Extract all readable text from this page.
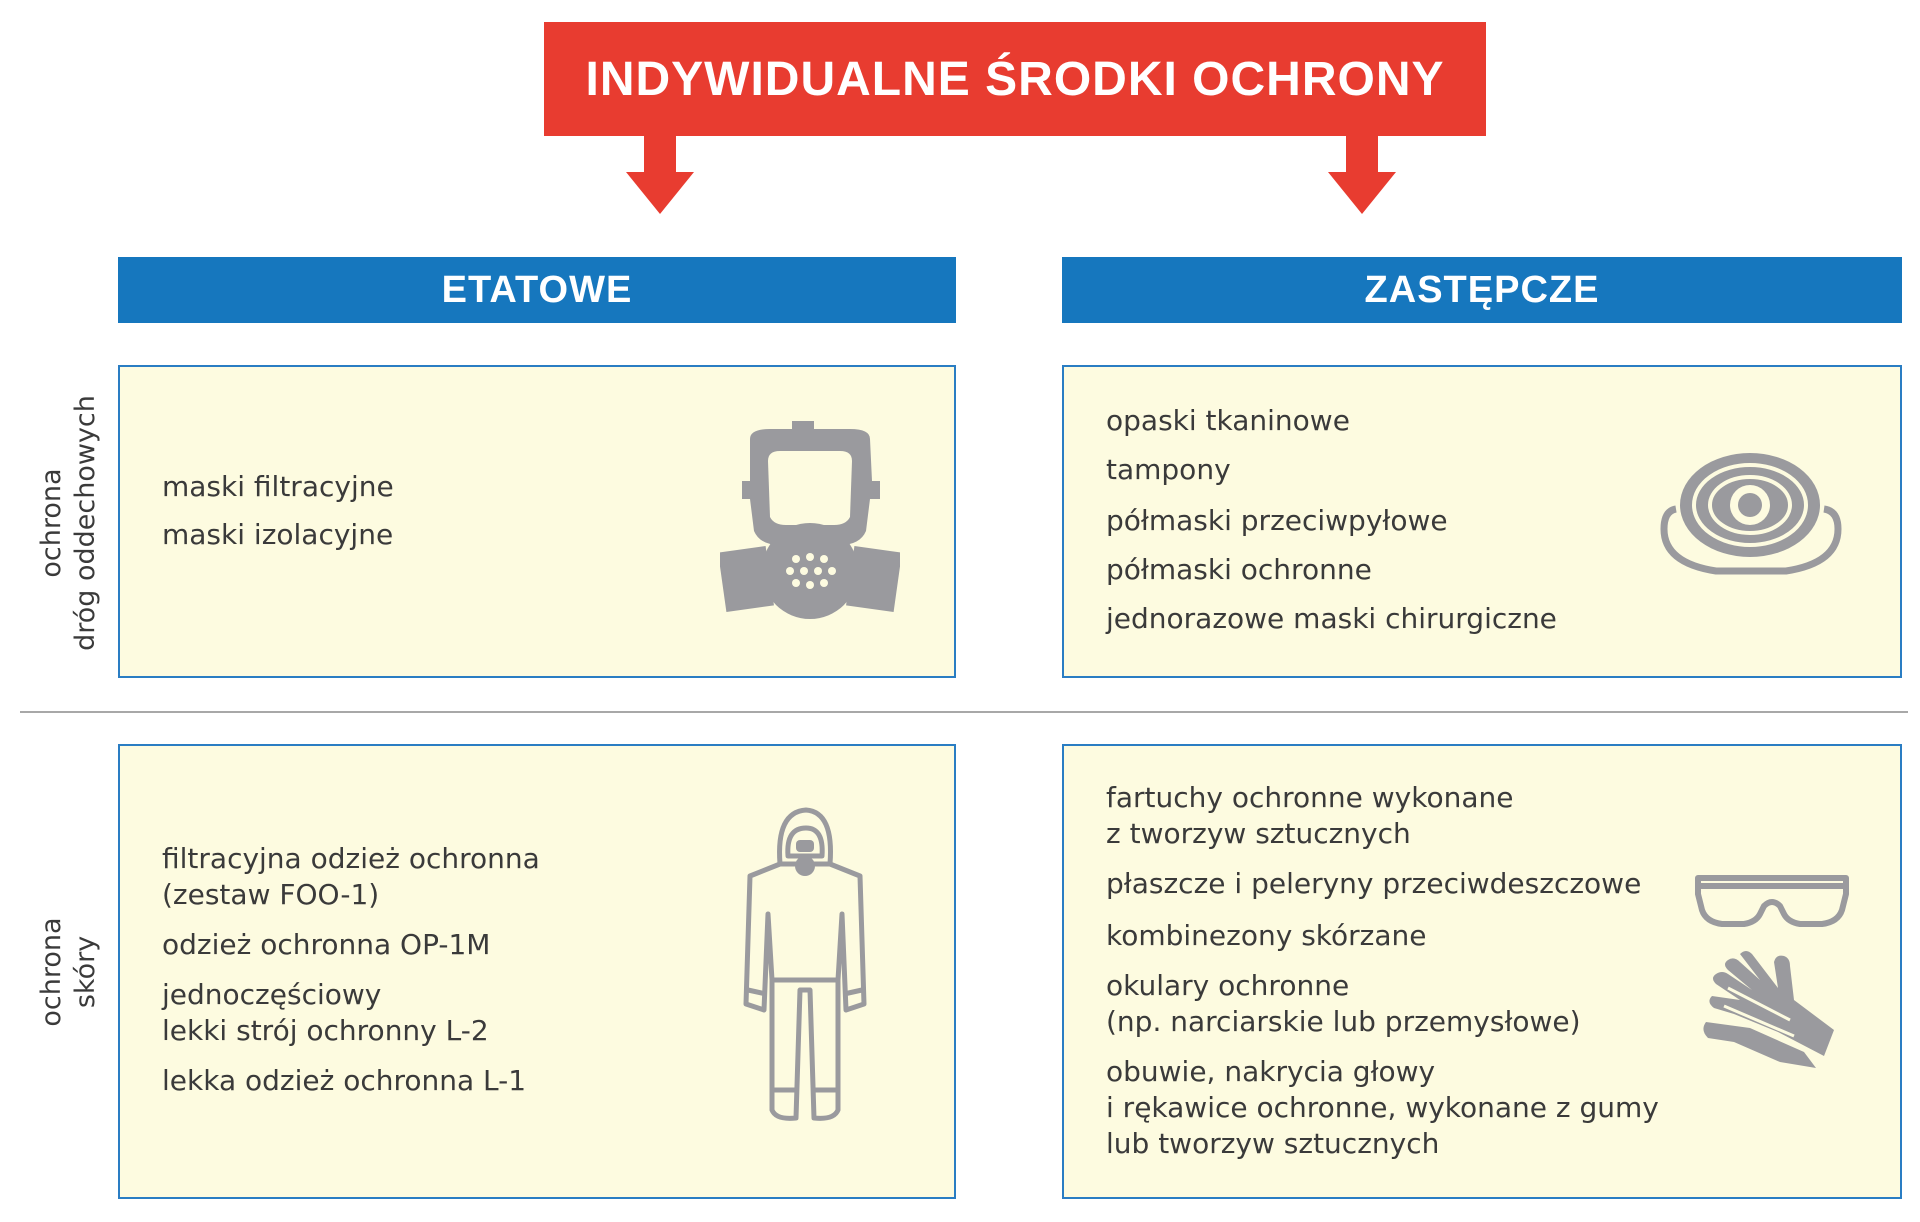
INDYWIDUALNE ŚRODKI OCHRONY
ETATOWE	ZASTĘPCZE
ochrona
dróg oddechowych
ochrona
skóry

maski filtracyjne

maski izolacyjne

opaski tkaninowe

tampony

półmaski przeciwpyłowe

półmaski ochronne

jednorazowe maski chirurgiczne

filtracyjna odzież ochronna
(zestaw FOO-1)

odzież ochronna OP-1M

jednoczęściowy
lekki strój ochronny L-2

lekka odzież ochronna L-1

fartuchy ochronne wykonane
z tworzyw sztucznych

płaszcze i peleryny przeciwdeszczowe

kombinezony skórzane

okulary ochronne
(np. narciarskie lub przemysłowe)

obuwie, nakrycia głowy
i rękawice ochronne, wykonane z gumy
lub tworzyw sztucznych
